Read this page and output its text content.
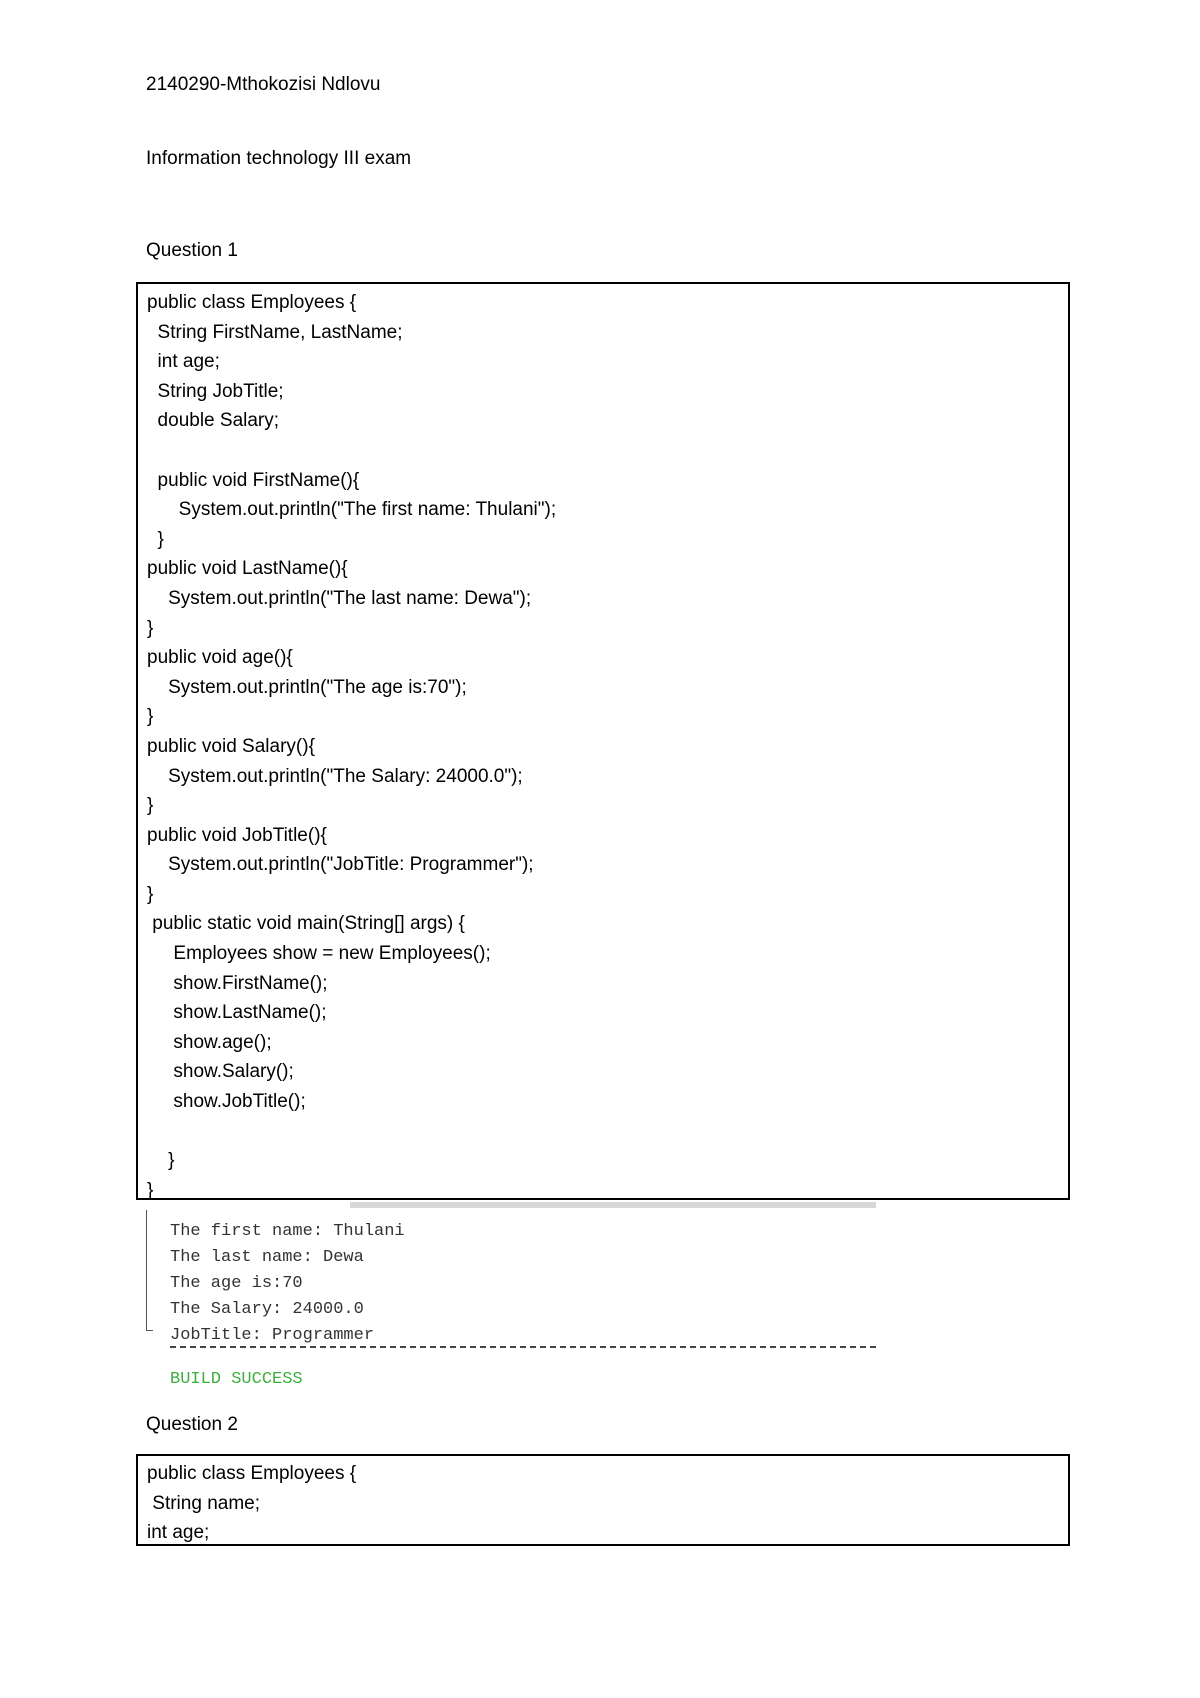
2140290-Mthokozisi Ndlovu
Information technology III exam
Question 1
public class Employees {
String FirstName, LastName;
int age;
String JobTitle;
double Salary;
public void FirstName(){
System.out.println("The first name: Thulani");
}
public void LastName(){
System.out.println("The last name: Dewa");
}
public void age(){
System.out.println("The age is:70");
}
public void Salary(){
System.out.println("The Salary: 24000.0");
}
public void JobTitle(){
System.out.println("JobTitle: Programmer");
}
public static void main(String[] args) {
Employees show = new Employees();
show.FirstName();
show.LastName();
show.age();
show.Salary();
show.JobTitle();
}
}
The first name: Thulani
The last name: Dewa
The age is:70
The Salary: 24000.0
JobTitle: Programmer
BUILD SUCCESS
Question 2
public class Employees {
String name;
int age;
